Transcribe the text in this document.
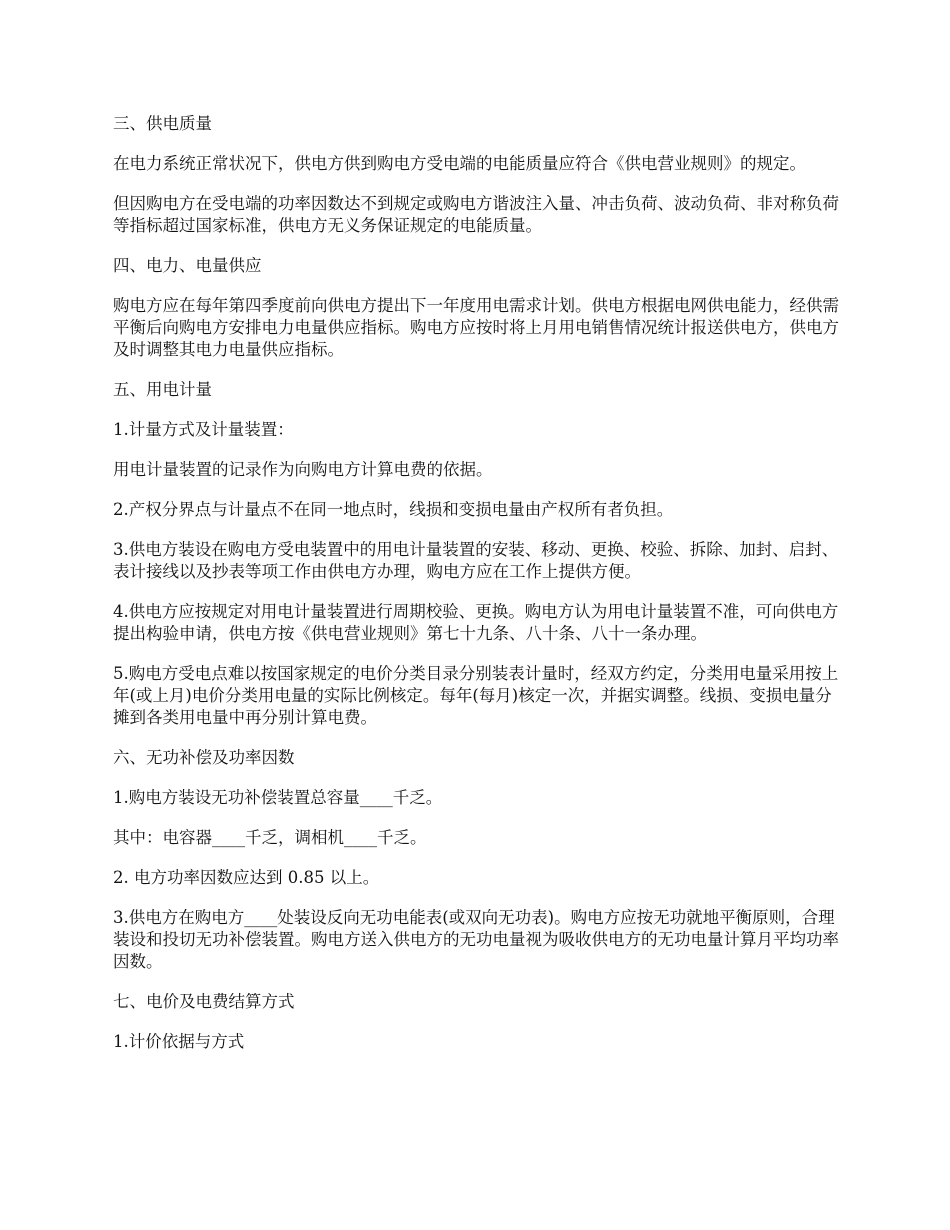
三、供电质量

在电力系统正常状况下，供电方供到购电方受电端的电能质量应符合《供电营业规则》的规定。

但因购电方在受电端的功率因数达不到规定或购电方谐波注入量、冲击负荷、波动负荷、非对称负荷等指标超过国家标准，供电方无义务保证规定的电能质量。

四、电力、电量供应

购电方应在每年第四季度前向供电方提出下一年度用电需求计划。供电方根据电网供电能力，经供需平衡后向购电方安排电力电量供应指标。购电方应按时将上月用电销售情况统计报送供电方，供电方及时调整其电力电量供应指标。

五、用电计量

1.计量方式及计量装置：

用电计量装置的记录作为向购电方计算电费的依据。

2.产权分界点与计量点不在同一地点时，线损和变损电量由产权所有者负担。

3.供电方装设在购电方受电装置中的用电计量装置的安装、移动、更换、校验、拆除、加封、启封、表计接线以及抄表等项工作由供电方办理，购电方应在工作上提供方便。

4.供电方应按规定对用电计量装置进行周期校验、更换。购电方认为用电计量装置不准，可向供电方提出构验申请，供电方按《供电营业规则》第七十九条、八十条、八十一条办理。

5.购电方受电点难以按国家规定的电价分类目录分别装表计量时，经双方约定，分类用电量采用按上年(或上月)电价分类用电量的实际比例核定。每年(每月)核定一次，并据实调整。线损、变损电量分摊到各类用电量中再分别计算电费。

六、无功补偿及功率因数

1.购电方装设无功补偿装置总容量____千乏。

其中：电容器____千乏，调相机____千乏。

2. 电方功率因数应达到 0.85 以上。

3.供电方在购电方____处装设反向无功电能表(或双向无功表)。购电方应按无功就地平衡原则，合理装设和投切无功补偿装置。购电方送入供电方的无功电量视为吸收供电方的无功电量计算月平均功率因数。

七、电价及电费结算方式

1.计价依据与方式
